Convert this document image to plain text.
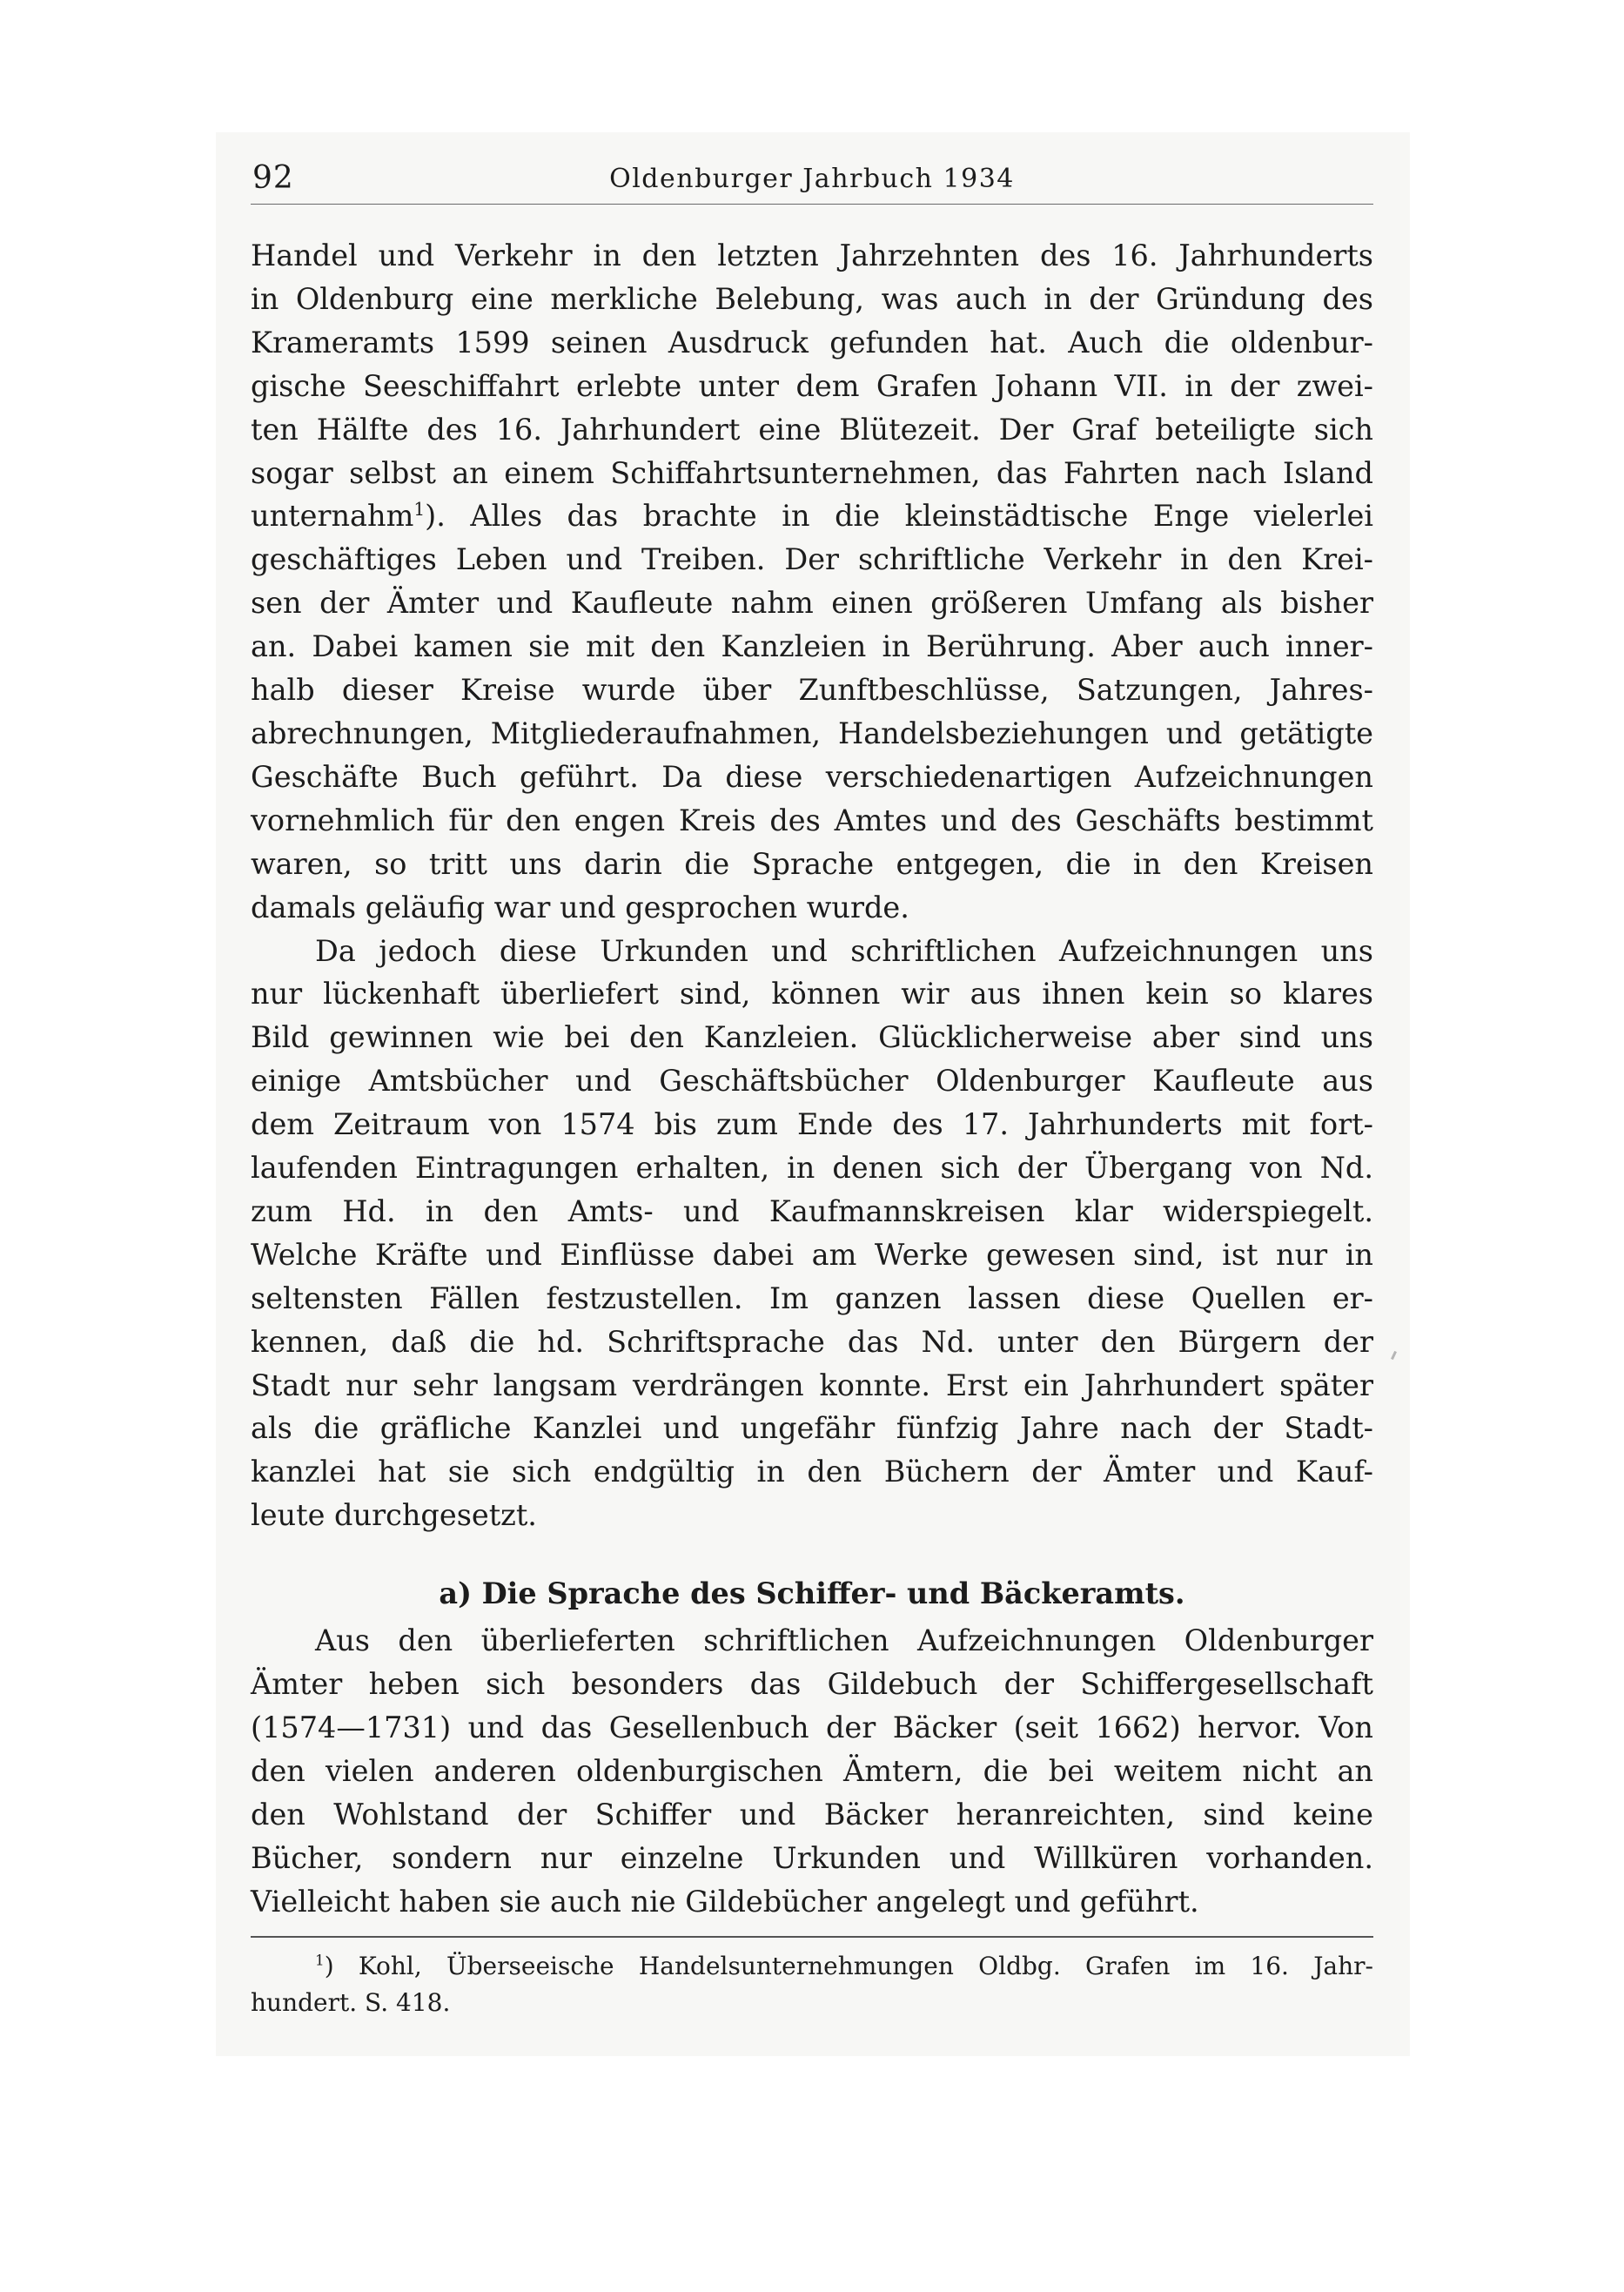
92	Oldenburger Jahrbuch 1934
Handel und Verkehr in den letzten Jahrzehnten des 16. Jahrhunderts
in Oldenburg eine merkliche Belebung, was auch in der Gründung des
Krameramts 1599 seinen Ausdruck gefunden hat. Auch die oldenbur-
gische Seeschiffahrt erlebte unter dem Grafen Johann VII. in der zwei-
ten Hälfte des 16. Jahrhundert eine Blütezeit. Der Graf beteiligte sich
sogar selbst an einem Schiffahrtsunternehmen, das Fahrten nach Island
unternahm$^1$). Alles das brachte in die kleinstädtische Enge vielerlei
geschäftiges Leben und Treiben. Der schriftliche Verkehr in den Krei-
sen der Ämter und Kaufleute nahm einen größeren Umfang als bisher
an. Dabei kamen sie mit den Kanzleien in Berührung. Aber auch inner-
halb dieser Kreise wurde über Zunftbeschlüsse, Satzungen, Jahres-
abrechnungen, Mitgliederaufnahmen, Handelsbeziehungen und getätigte
Geschäfte Buch geführt. Da diese verschiedenartigen Aufzeichnungen
vornehmlich für den engen Kreis des Amtes und des Geschäfts bestimmt
waren, so tritt uns darin die Sprache entgegen, die in den Kreisen
damals geläufig war und gesprochen wurde.
Da jedoch diese Urkunden und schriftlichen Aufzeichnungen uns
nur lückenhaft überliefert sind, können wir aus ihnen kein so klares
Bild gewinnen wie bei den Kanzleien. Glücklicherweise aber sind uns
einige Amtsbücher und Geschäftsbücher Oldenburger Kaufleute aus
dem Zeitraum von 1574 bis zum Ende des 17. Jahrhunderts mit fort-
laufenden Eintragungen erhalten, in denen sich der Übergang von Nd.
zum Hd. in den Amts- und Kaufmannskreisen klar widerspiegelt.
Welche Kräfte und Einflüsse dabei am Werke gewesen sind, ist nur in
seltensten Fällen festzustellen. Im ganzen lassen diese Quellen er-
kennen, daß die hd. Schriftsprache das Nd. unter den Bürgern der
Stadt nur sehr langsam verdrängen konnte. Erst ein Jahrhundert später
als die gräfliche Kanzlei und ungefähr fünfzig Jahre nach der Stadt-
kanzlei hat sie sich endgültig in den Büchern der Ämter und Kauf-
leute durchgesetzt.
a) Die Sprache des Schiffer- und Bäckeramts.
Aus den überlieferten schriftlichen Aufzeichnungen Oldenburger
Ämter heben sich besonders das Gildebuch der Schiffergesellschaft
(1574—1731) und das Gesellenbuch der Bäcker (seit 1662) hervor. Von
den vielen anderen oldenburgischen Ämtern, die bei weitem nicht an
den Wohlstand der Schiffer und Bäcker heranreichten, sind keine
Bücher, sondern nur einzelne Urkunden und Willküren vorhanden.
Vielleicht haben sie auch nie Gildebücher angelegt und geführt.
$^1$) Kohl, Überseeische Handelsunternehmungen Oldbg. Grafen im 16. Jahr-
hundert. S. 418.
